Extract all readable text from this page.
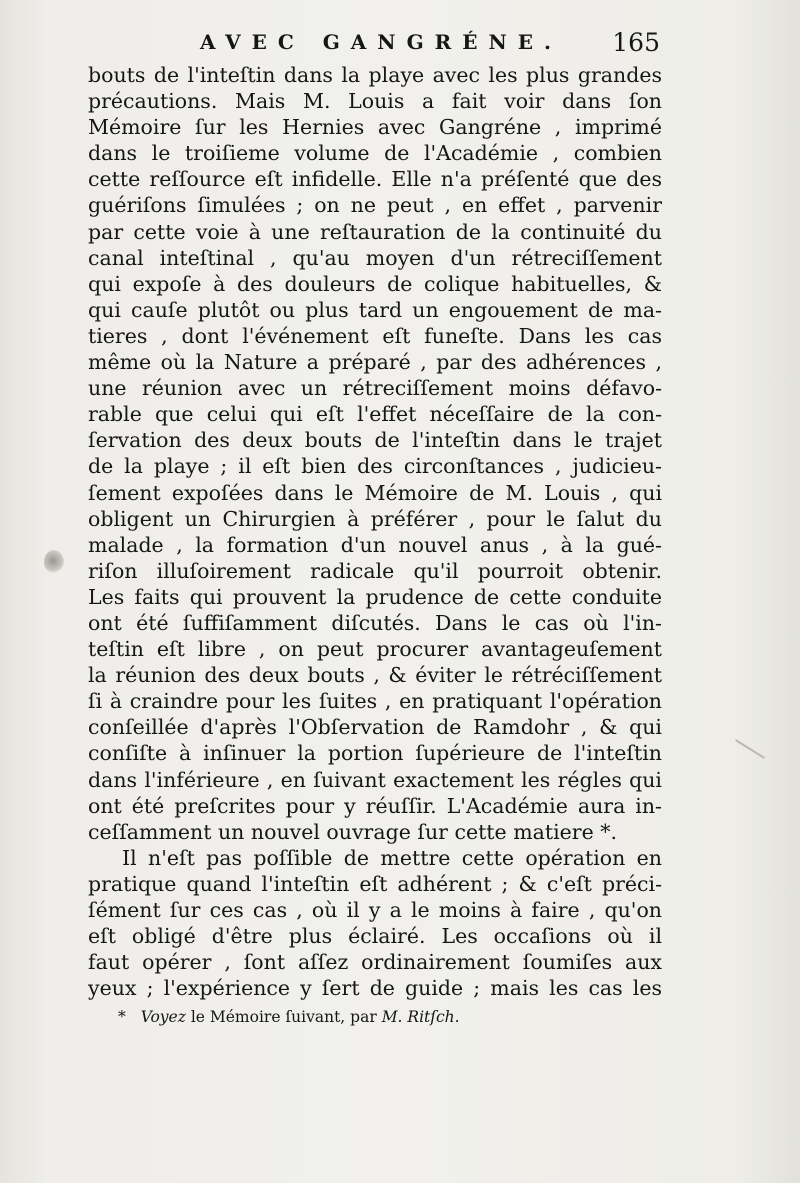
AVEC GANGRÉNE. 165
bouts de l'inteſtin dans la playe avec les plus grandes
précautions. Mais M. Louis a fait voir dans ſon
Mémoire ſur les Hernies avec Gangréne , imprimé
dans le troiſieme volume de l'Académie , combien
cette reſſource eſt infidelle. Elle n'a préſenté que des
guériſons ſimulées ; on ne peut , en effet , parvenir
par cette voie à une reſtauration de la continuité du
canal inteſtinal , qu'au moyen d'un rétreciſſement
qui expoſe à des douleurs de colique habituelles, &
qui cauſe plutôt ou plus tard un engouement de ma-
tieres , dont l'événement eſt funeſte. Dans les cas
même où la Nature a préparé , par des adhérences ,
une réunion avec un rétreciſſement moins défavo-
rable que celui qui eſt l'effet néceſſaire de la con-
ſervation des deux bouts de l'inteſtin dans le trajet
de la playe ; il eſt bien des circonſtances , judicieu-
ſement expoſées dans le Mémoire de M. Louis , qui
obligent un Chirurgien à préférer , pour le ſalut du
malade , la formation d'un nouvel anus , à la gué-
riſon illuſoirement radicale qu'il pourroit obtenir.
Les faits qui prouvent la prudence de cette conduite
ont été ſuffiſamment diſcutés. Dans le cas où l'in-
teſtin eſt libre , on peut procurer avantageuſement
la réunion des deux bouts , & éviter le rétréciſſement
ſi à craindre pour les ſuites , en pratiquant l'opération
conſeillée d'après l'Obſervation de Ramdohr , & qui
conſiſte à inſinuer la portion ſupérieure de l'inteſtin
dans l'inférieure , en ſuivant exactement les régles qui
ont été preſcrites pour y réuſſir. L'Académie aura in-
ceſſamment un nouvel ouvrage ſur cette matiere *.
Il n'eſt pas poſſible de mettre cette opération en
pratique quand l'inteſtin eſt adhérent ; & c'eſt préci-
ſément ſur ces cas , où il y a le moins à faire , qu'on
eſt obligé d'être plus éclairé. Les occaſions où il
faut opérer , ſont aſſez ordinairement ſoumiſes aux
yeux ; l'expérience y ſert de guide ; mais les cas les
* Voyez le Mémoire ſuivant, par M. Ritſch.
